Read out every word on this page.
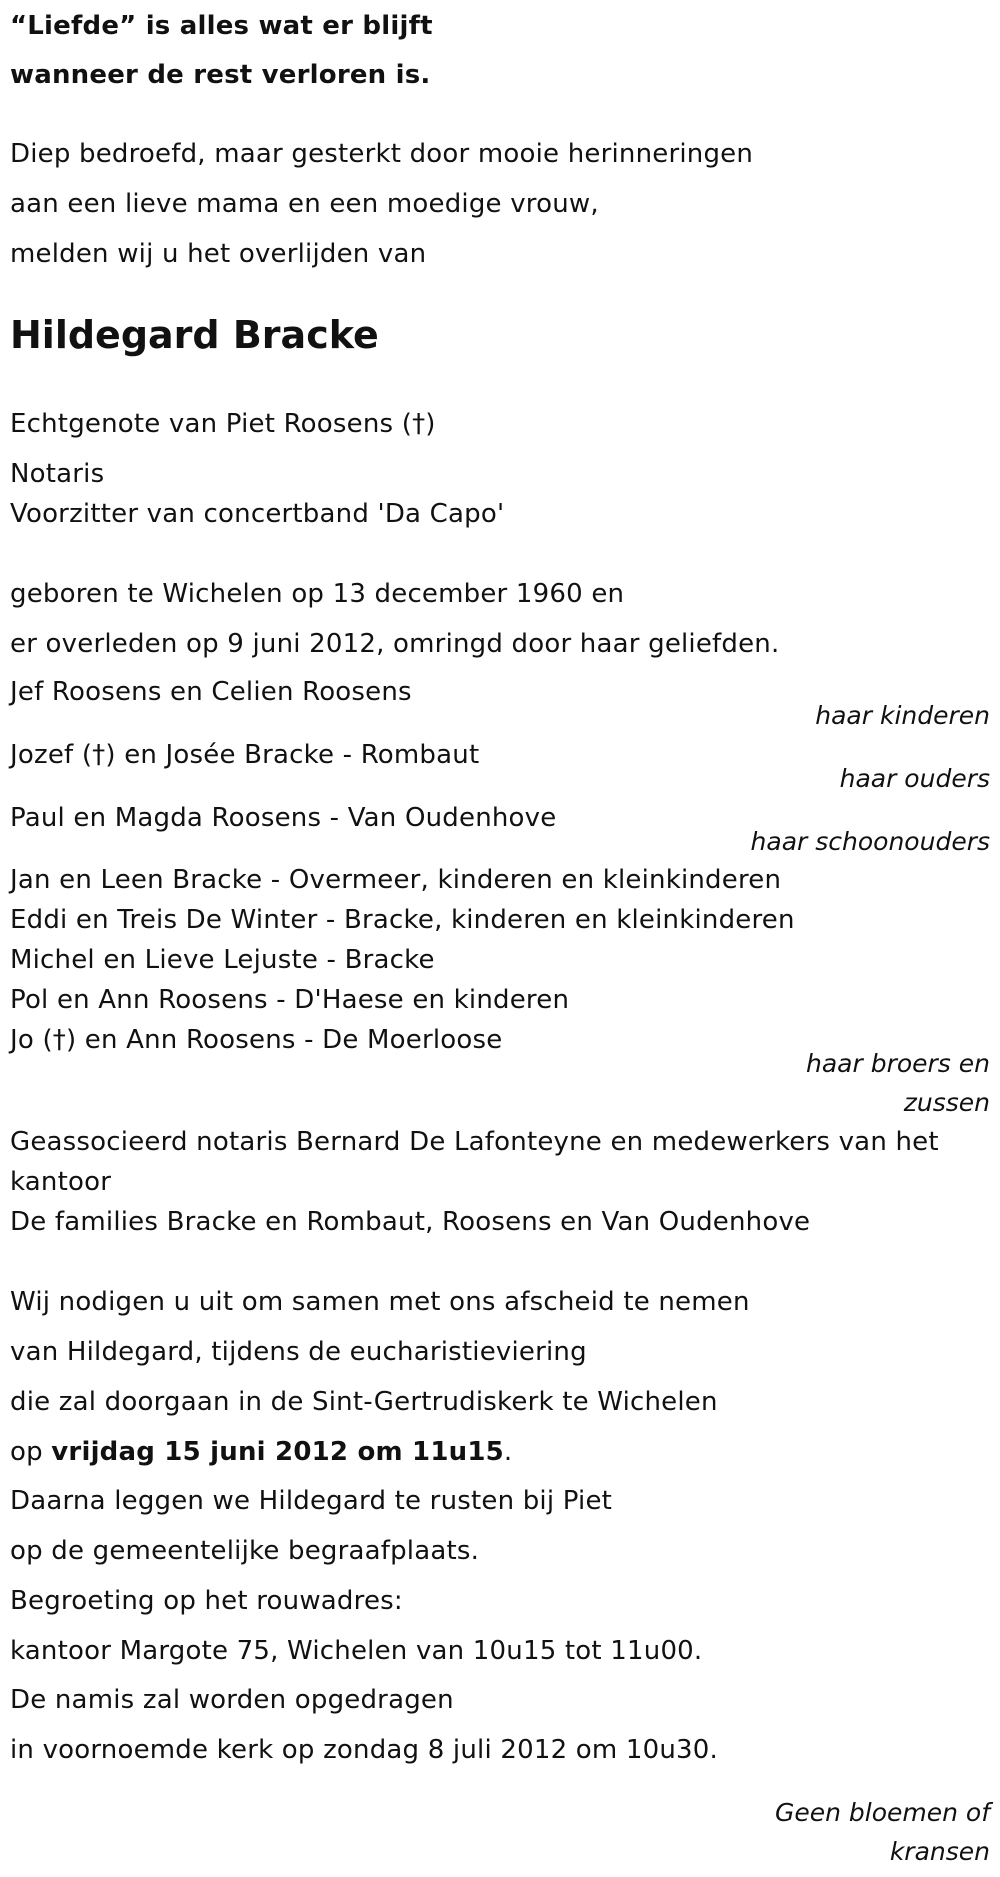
“Liefde” is alles wat er blijft
wanneer de rest verloren is.
Diep bedroefd, maar gesterkt door mooie herinneringen
aan een lieve mama en een moedige vrouw,
melden wij u het overlijden van
Hildegard Bracke
Echtgenote van Piet Roosens (†)
Notaris
Voorzitter van concertband 'Da Capo'
geboren te Wichelen op 13 december 1960 en
er overleden op 9 juni 2012, omringd door haar geliefden.
Jef Roosens en Celien Roosens
haar kinderen
Jozef (†) en Josée Bracke - Rombaut
haar ouders
Paul en Magda Roosens - Van Oudenhove
haar schoonouders
Jan en Leen Bracke - Overmeer, kinderen en kleinkinderen
Eddi en Treis De Winter - Bracke, kinderen en kleinkinderen
Michel en Lieve Lejuste - Bracke
Pol en Ann Roosens - D'Haese en kinderen
Jo (†) en Ann Roosens - De Moerloose
haar broers en
zussen
Geassocieerd notaris Bernard De Lafonteyne en medewerkers van het
kantoor
De families Bracke en Rombaut, Roosens en Van Oudenhove
Wij nodigen u uit om samen met ons afscheid te nemen
van Hildegard, tijdens de eucharistieviering
die zal doorgaan in de Sint-Gertrudiskerk te Wichelen
op vrijdag 15 juni 2012 om 11u15.
Daarna leggen we Hildegard te rusten bij Piet
op de gemeentelijke begraafplaats.
Begroeting op het rouwadres:
kantoor Margote 75, Wichelen van 10u15 tot 11u00.
De namis zal worden opgedragen
in voornoemde kerk op zondag 8 juli 2012 om 10u30.
Geen bloemen of
kransen
